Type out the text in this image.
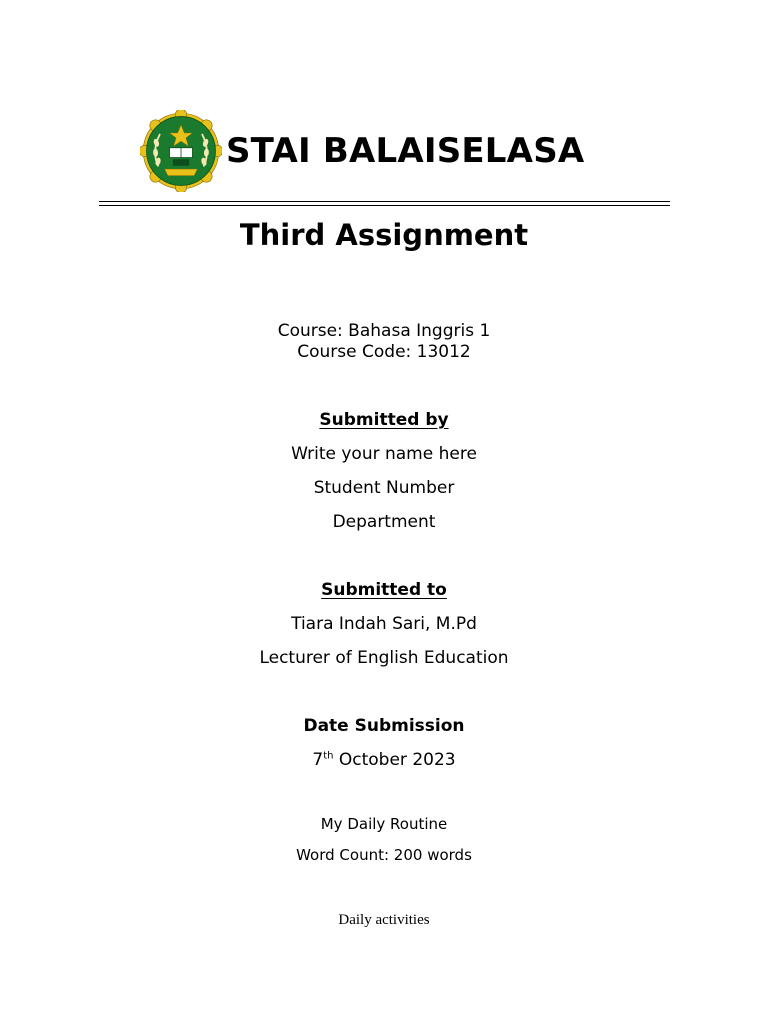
STAI BALAISELASA
Third Assignment
Course: Bahasa Inggris 1
Course Code: 13012
Submitted by
Write your name here
Student Number
Department
Submitted to
Tiara Indah Sari, M.Pd
Lecturer of English Education
Date Submission
7th October 2023
My Daily Routine
Word Count: 200 words
Daily activities
